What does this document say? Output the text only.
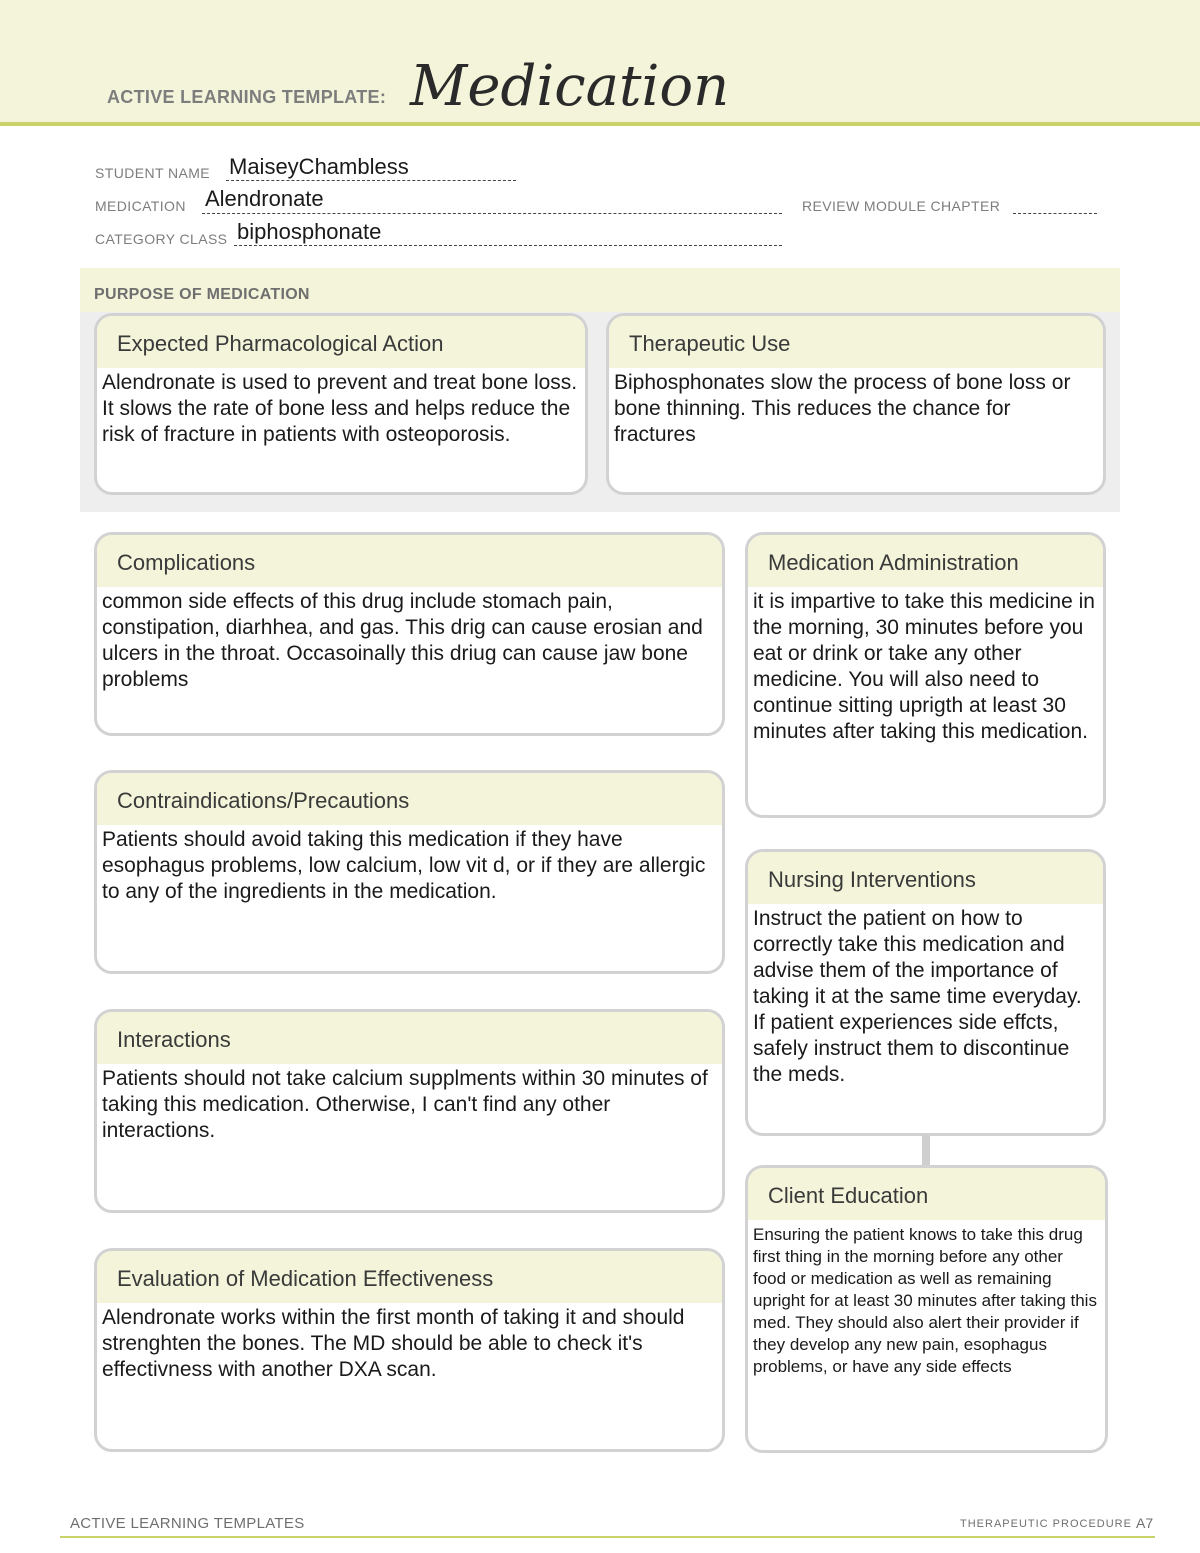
ACTIVE LEARNING TEMPLATE: Medication
STUDENT NAME MaiseyChambless
MEDICATION Alendronate	REVIEW MODULE CHAPTER
CATEGORY CLASS biphosphonate
PURPOSE OF MEDICATION
Expected Pharmacological Action
Alendronate is used to prevent and treat bone loss. It slows the rate of bone less and helps reduce the risk of fracture in patients with osteoporosis.
Therapeutic Use
Biphosphonates slow the process of bone loss or bone thinning. This reduces the chance for fractures
Complications
common side effects of this drug include stomach pain, constipation, diarhhea, and gas. This drig can cause erosian and ulcers in the throat. Occasoinally this driug can cause jaw bone problems
Contraindications/Precautions
Patients should avoid taking this medication if they have esophagus problems, low calcium, low vit d, or if they are allergic to any of the ingredients in the medication.
Interactions
Patients should not take calcium supplments within 30 minutes of taking this medication. Otherwise, I can't find any other interactions.
Evaluation of Medication Effectiveness
Alendronate works within the first month of taking it and should strenghten the bones. The MD should be able to check it's effectivness with another DXA scan.
Medication Administration
it is impartive to take this medicine in the morning, 30 minutes before you eat or drink or take any other medicine. You will also need to continue sitting uprigth at least 30 minutes after taking this medication.
Nursing Interventions
Instruct the patient on how to correctly take this medication and advise them of the importance of taking it at the same time everyday. If patient experiences side effcts, safely instruct them to discontinue the meds.
Client Education
Ensuring the patient knows to take this drug first thing in the morning before any other food or medication as well as remaining upright for at least 30 minutes after taking this med. They should also alert their provider if they develop any new pain, esophagus problems, or have any side effects
ACTIVE LEARNING TEMPLATES	THERAPEUTIC PROCEDURE A7
